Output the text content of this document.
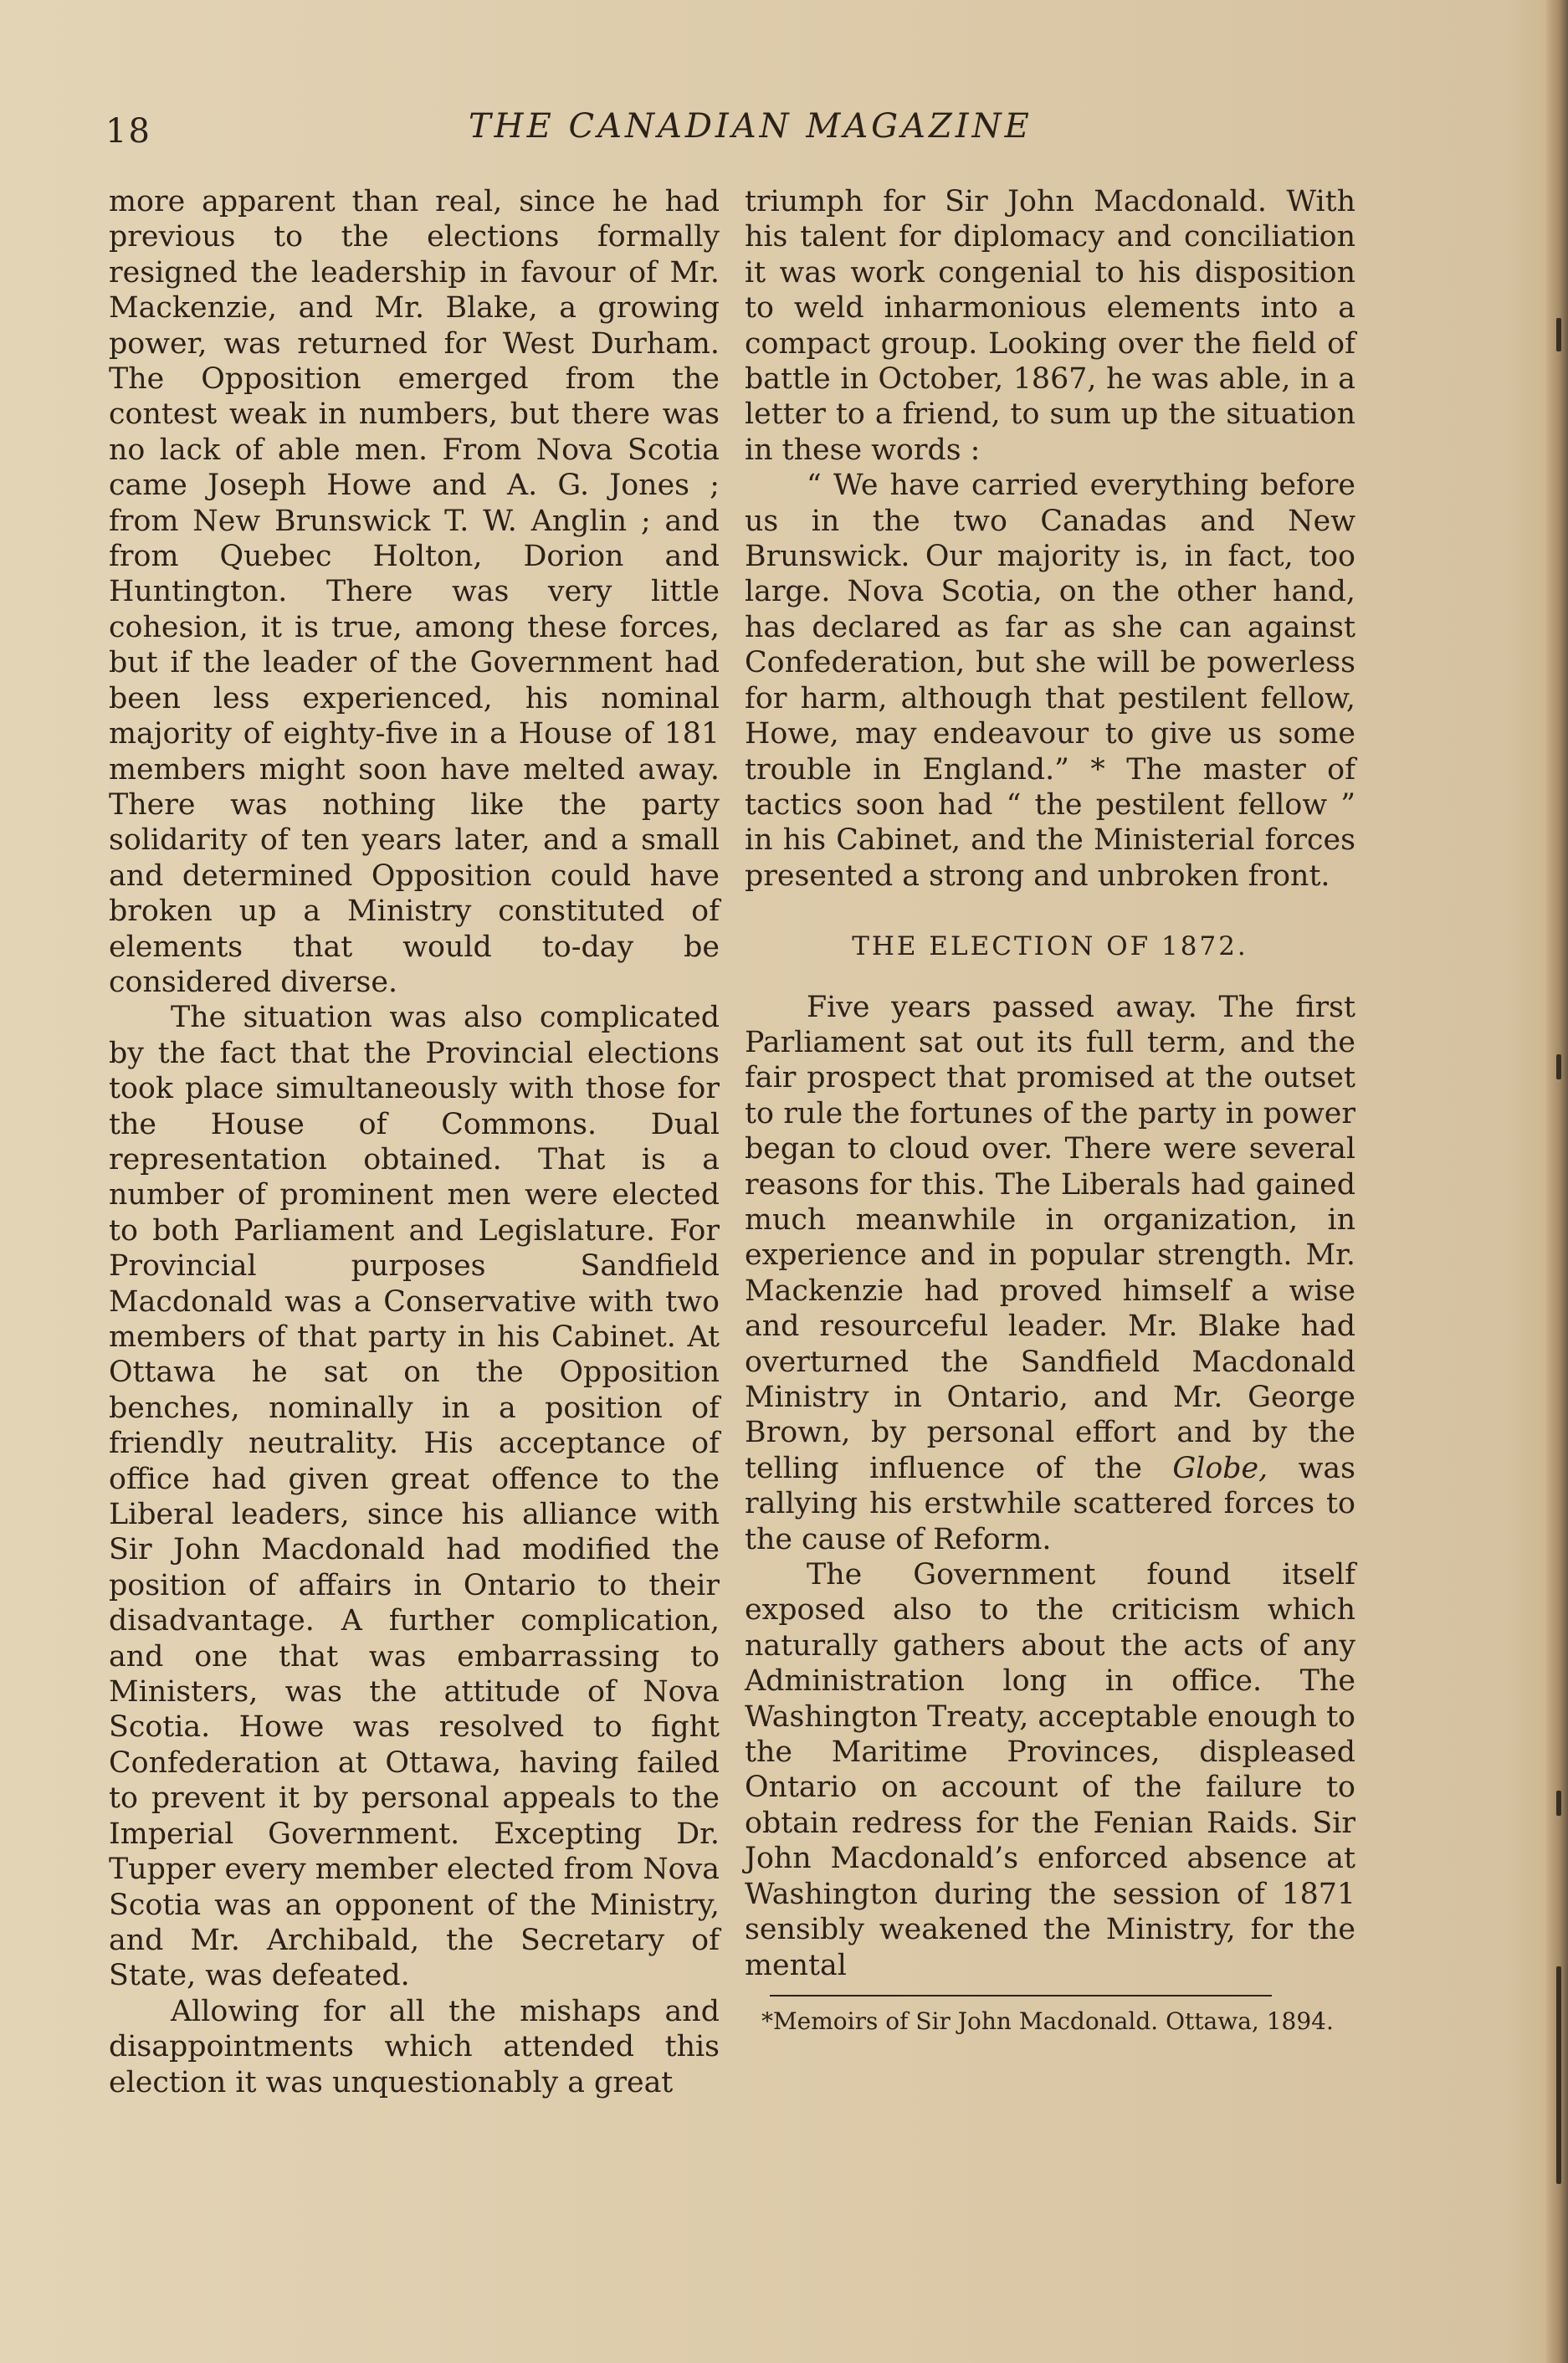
18	THE CANADIAN MAGAZINE

more apparent than real, since he had previous to the elections formally resigned the leadership in favour of Mr. Mackenzie, and Mr. Blake, a growing power, was returned for West Durham. The Opposition emerged from the contest weak in numbers, but there was no lack of able men. From Nova Scotia came Joseph Howe and A. G. Jones ; from New Brunswick T. W. Anglin ; and from Quebec Holton, Dorion and Huntington. There was very little cohesion, it is true, among these forces, but if the leader of the Government had been less experienced, his nominal majority of eighty-five in a House of 181 members might soon have melted away. There was nothing like the party solidarity of ten years later, and a small and determined Opposition could have broken up a Ministry constituted of elements that would to-day be considered diverse.

The situation was also complicated by the fact that the Provincial elections took place simultaneously with those for the House of Commons. Dual representation obtained. That is a number of prominent men were elected to both Parliament and Legislature. For Provincial purposes Sandfield Macdonald was a Conservative with two members of that party in his Cabinet. At Ottawa he sat on the Opposition benches, nominally in a position of friendly neutrality. His acceptance of office had given great offence to the Liberal leaders, since his alliance with Sir John Macdonald had modified the position of affairs in Ontario to their disadvantage. A further complication, and one that was embarrassing to Ministers, was the attitude of Nova Scotia. Howe was resolved to fight Confederation at Ottawa, having failed to prevent it by personal appeals to the Imperial Government. Excepting Dr. Tupper every member elected from Nova Scotia was an opponent of the Ministry, and Mr. Archibald, the Secretary of State, was defeated.

Allowing for all the mishaps and disappointments which attended this election it was unquestionably a great

triumph for Sir John Macdonald. With his talent for diplomacy and conciliation it was work congenial to his disposition to weld inharmonious elements into a compact group. Looking over the field of battle in October, 1867, he was able, in a letter to a friend, to sum up the situation in these words :

“ We have carried everything before us in the two Canadas and New Brunswick. Our majority is, in fact, too large. Nova Scotia, on the other hand, has declared as far as she can against Confederation, but she will be powerless for harm, although that pestilent fellow, Howe, may endeavour to give us some trouble in England.” * The master of tactics soon had “ the pestilent fellow ” in his Cabinet, and the Ministerial forces presented a strong and unbroken front.

THE ELECTION OF 1872.

Five years passed away. The first Parliament sat out its full term, and the fair prospect that promised at the outset to rule the fortunes of the party in power began to cloud over. There were several reasons for this. The Liberals had gained much meanwhile in organization, in experience and in popular strength. Mr. Mackenzie had proved himself a wise and resourceful leader. Mr. Blake had overturned the Sandfield Macdonald Ministry in Ontario, and Mr. George Brown, by personal effort and by the telling influence of the Globe, was rallying his erstwhile scattered forces to the cause of Reform.

The Government found itself exposed also to the criticism which naturally gathers about the acts of any Administration long in office. The Washington Treaty, acceptable enough to the Maritime Provinces, displeased Ontario on account of the failure to obtain redress for the Fenian Raids. Sir John Macdonald’s enforced absence at Washington during the session of 1871 sensibly weakened the Ministry, for the mental

*Memoirs of Sir John Macdonald. Ottawa, 1894.
